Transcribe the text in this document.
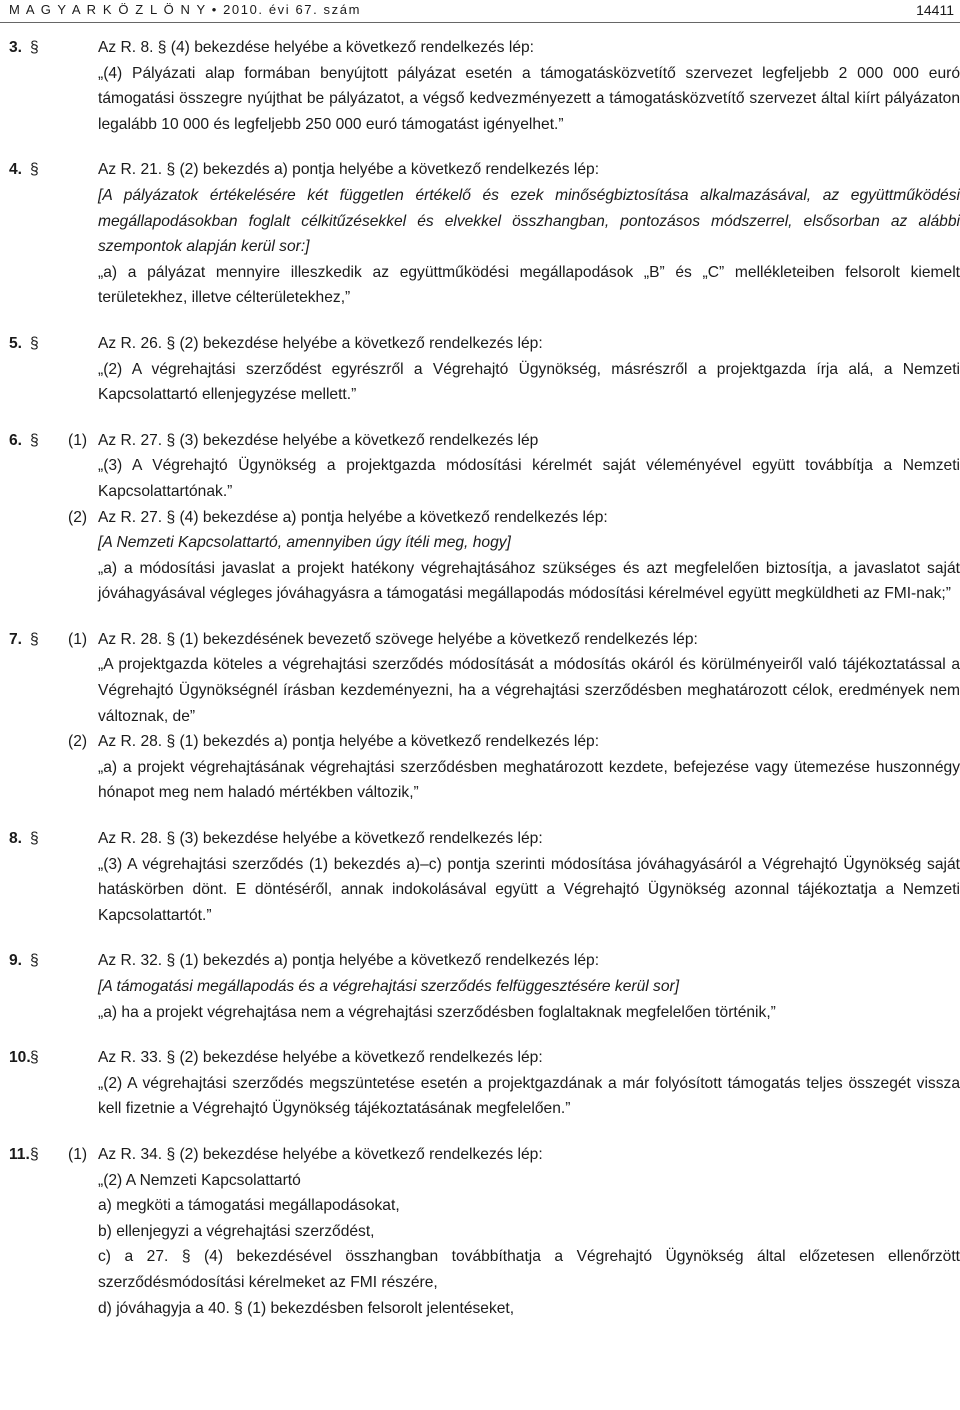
M A G Y A R K Ö Z L Ö N Y • 2010. évi 67. szám	14411
3. §	Az R. 8. § (4) bekezdése helyébe a következő rendelkezés lép:
„(4) Pályázati alap formában benyújtott pályázat esetén a támogatásközvetítő szervezet legfeljebb 2 000 000 euró támogatási összegre nyújthat be pályázatot, a végső kedvezményezett a támogatásközvetítő szervezet által kiírt pályázaton legalább 10 000 és legfeljebb 250 000 euró támogatást igényelhet.”
4. §	Az R. 21. § (2) bekezdés a) pontja helyébe a következő rendelkezés lép:
[A pályázatok értékelésére két független értékelő és ezek minőségbiztosítása alkalmazásával, az együttműködési megállapodásokban foglalt célkitűzésekkel és elvekkel összhangban, pontozásos módszerrel, elsősorban az alábbi szempontok alapján kerül sor:]
„a) a pályázat mennyire illeszkedik az együttműködési megállapodások „B” és „C” mellékleteiben felsorolt kiemelt területekhez, illetve célterületekhez,”
5. §	Az R. 26. § (2) bekezdése helyébe a következő rendelkezés lép:
„(2) A végrehajtási szerződést egyrészről a Végrehajtó Ügynökség, másrészről a projektgazda írja alá, a Nemzeti Kapcsolattartó ellenjegyzése mellett.”
6. § (1) Az R. 27. § (3) bekezdése helyébe a következő rendelkezés lép
„(3) A Végrehajtó Ügynökség a projektgazda módosítási kérelmét saját véleményével együtt továbbítja a Nemzeti Kapcsolattartónak.”
(2) Az R. 27. § (4) bekezdése a) pontja helyébe a következő rendelkezés lép:
[A Nemzeti Kapcsolattartó, amennyiben úgy ítéli meg, hogy]
„a) a módosítási javaslat a projekt hatékony végrehajtásához szükséges és azt megfelelően biztosítja, a javaslatot saját jóváhagyásával végleges jóváhagyásra a támogatási megállapodás módosítási kérelmével együtt megküldheti az FMI-nak;”
7. § (1) Az R. 28. § (1) bekezdésének bevezető szövege helyébe a következő rendelkezés lép:
„A projektgazda köteles a végrehajtási szerződés módosítását a módosítás okáról és körülményeiről való tájékoztatással a Végrehajtó Ügynökségnél írásban kezdeményezni, ha a végrehajtási szerződésben meghatározott célok, eredmények nem változnak, de”
(2) Az R. 28. § (1) bekezdés a) pontja helyébe a következő rendelkezés lép:
„a) a projekt végrehajtásának végrehajtási szerződésben meghatározott kezdete, befejezése vagy ütemezése huszonnégy hónapot meg nem haladó mértékben változik,”
8. §	Az R. 28. § (3) bekezdése helyébe a következő rendelkezés lép:
„(3) A végrehajtási szerződés (1) bekezdés a)–c) pontja szerinti módosítása jóváhagyásáról a Végrehajtó Ügynökség saját hatáskörben dönt. E döntéséről, annak indokolásával együtt a Végrehajtó Ügynökség azonnal tájékoztatja a Nemzeti Kapcsolattartót.”
9. §	Az R. 32. § (1) bekezdés a) pontja helyébe a következő rendelkezés lép:
[A támogatási megállapodás és a végrehajtási szerződés felfüggesztésére kerül sor]
„a) ha a projekt végrehajtása nem a végrehajtási szerződésben foglaltaknak megfelelően történik,”
10. §	Az R. 33. § (2) bekezdése helyébe a következő rendelkezés lép:
„(2) A végrehajtási szerződés megszüntetése esetén a projektgazdának a már folyósított támogatás teljes összegét vissza kell fizetnie a Végrehajtó Ügynökség tájékoztatásának megfelelően.”
11. § (1) Az R. 34. § (2) bekezdése helyébe a következő rendelkezés lép:
„(2) A Nemzeti Kapcsolattartó
a) megköti a támogatási megállapodásokat,
b) ellenjegyzi a végrehajtási szerződést,
c) a 27. § (4) bekezdésével összhangban továbbíthatja a Végrehajtó Ügynökség által előzetesen ellenőrzött szerződésmódosítási kérelmeket az FMI részére,
d) jóváhagyja a 40. § (1) bekezdésben felsorolt jelentéseket,
